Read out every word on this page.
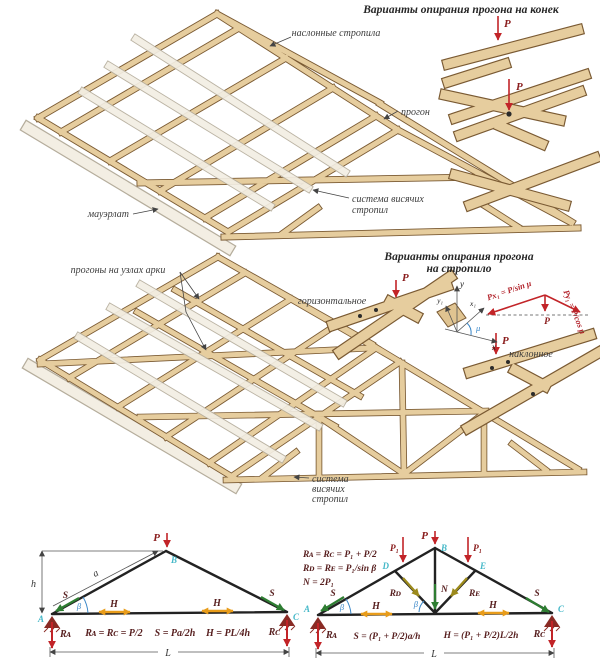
P
P
Варианты опирания прогона на конек
наслонные стропила
прогон
система висячих
стропил
мауэрлат
P
P
y
y₁	x₁
x
μ
Px₁ = P/sin μ	Py₁ = P/cos μ
P
Варианты опирания прогона
на стропило
прогоны на узлах арки
горизонтальное
наклонное
система
висячих
стропил
P
B
A	C
h
a
β
S	S
H	H
Rᴀ	Rᴄ
Rᴀ = Rᴄ = P/2 S = Pa/2h H = PL/4h
L
P
P₁	P₁
B
A	C
D	E
Rᴅ	Rᴇ
N
β	β
S	S
H	H
Rᴀ	Rᴄ
Rᴀ = Rᴄ = P₁ + P/2
Rᴅ = Rᴇ = P₁/sin β
N = 2P₁
S = (P₁ + P/2)a/h H = (P₁ + P/2)L/2h
L
